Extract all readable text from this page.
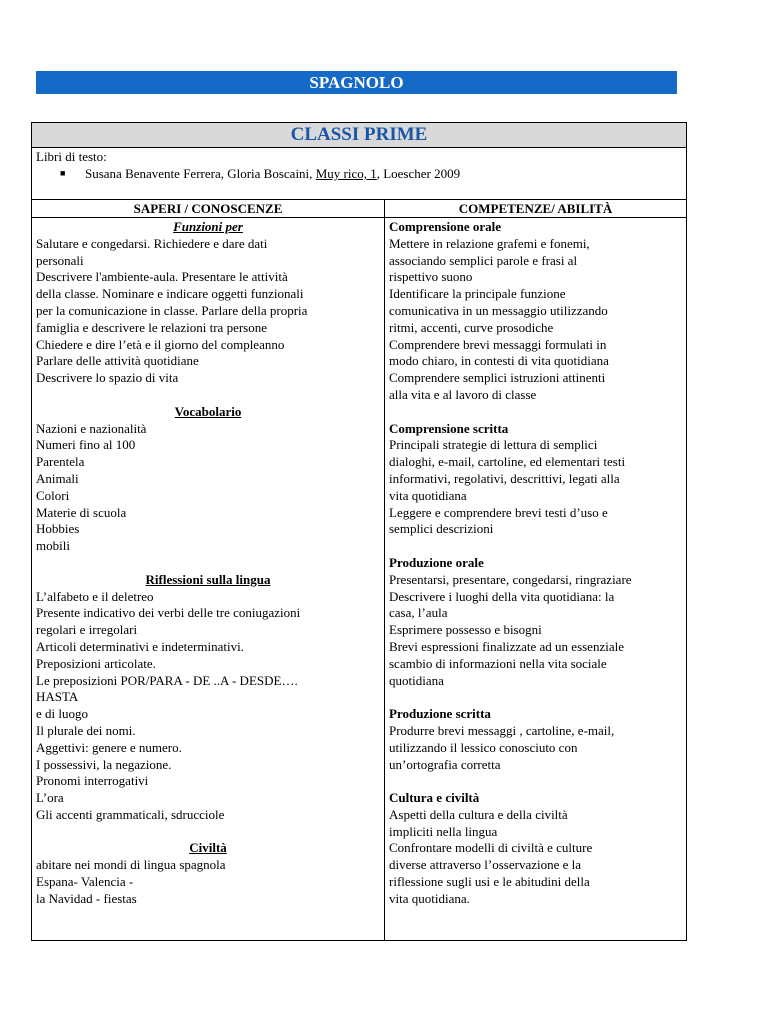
SPAGNOLO
CLASSI PRIME
Libri di testo:
■ Susana Benavente Ferrera, Gloria Boscaini, Muy rico, 1, Loescher 2009
SAPERI / CONOSCENZE	COMPETENZE/ ABILITÀ
Funzioni per
Salutare e congedarsi. Richiedere e dare dati
personali
Descrivere l'ambiente-aula. Presentare le attività
della classe. Nominare e indicare oggetti funzionali
per la comunicazione in classe. Parlare della propria
famiglia e descrivere le relazioni tra persone
Chiedere e dire l’età e il giorno del compleanno
Parlare delle attività quotidiane
Descrivere lo spazio di vita
Vocabolario
Nazioni e nazionalità
Numeri fino al 100
Parentela
Animali
Colori
Materie di scuola
Hobbies
mobili
Riflessioni sulla lingua
L’alfabeto e il deletreo
Presente indicativo dei verbi delle tre coniugazioni
regolari e irregolari
Articoli determinativi e indeterminativi.
Preposizioni articolate.
Le preposizioni POR/PARA - DE ..A - DESDE….
HASTA
e di luogo
Il plurale dei nomi.
Aggettivi: genere e numero.
I possessivi, la negazione.
Pronomi interrogativi
L’ora
Gli accenti grammaticali, sdrucciole
Civiltà
abitare nei mondi di lingua spagnola
Espana- Valencia -
la Navidad - fiestas
Comprensione orale
Mettere in relazione grafemi e fonemi,
associando semplici parole e frasi al
rispettivo suono
Identificare la principale funzione
comunicativa in un messaggio utilizzando
ritmi, accenti, curve prosodiche
Comprendere brevi messaggi formulati in
modo chiaro, in contesti di vita quotidiana
Comprendere semplici istruzioni attinenti
alla vita e al lavoro di classe
Comprensione scritta
Principali strategie di lettura di semplici
dialoghi, e-mail, cartoline, ed elementari testi
informativi, regolativi, descrittivi, legati alla
vita quotidiana
Leggere e comprendere brevi testi d’uso e
semplici descrizioni
Produzione orale
Presentarsi, presentare, congedarsi, ringraziare
Descrivere i luoghi della vita quotidiana: la
casa, l’aula
Esprimere possesso e bisogni
Brevi espressioni finalizzate ad un essenziale
scambio di informazioni nella vita sociale
quotidiana
Produzione scritta
Produrre brevi messaggi , cartoline, e-mail,
utilizzando il lessico conosciuto con
un’ortografia corretta
Cultura e civiltà
Aspetti della cultura e della civiltà
impliciti nella lingua
Confrontare modelli di civiltà e culture
diverse attraverso l’osservazione e la
riflessione sugli usi e le abitudini della
vita quotidiana.
